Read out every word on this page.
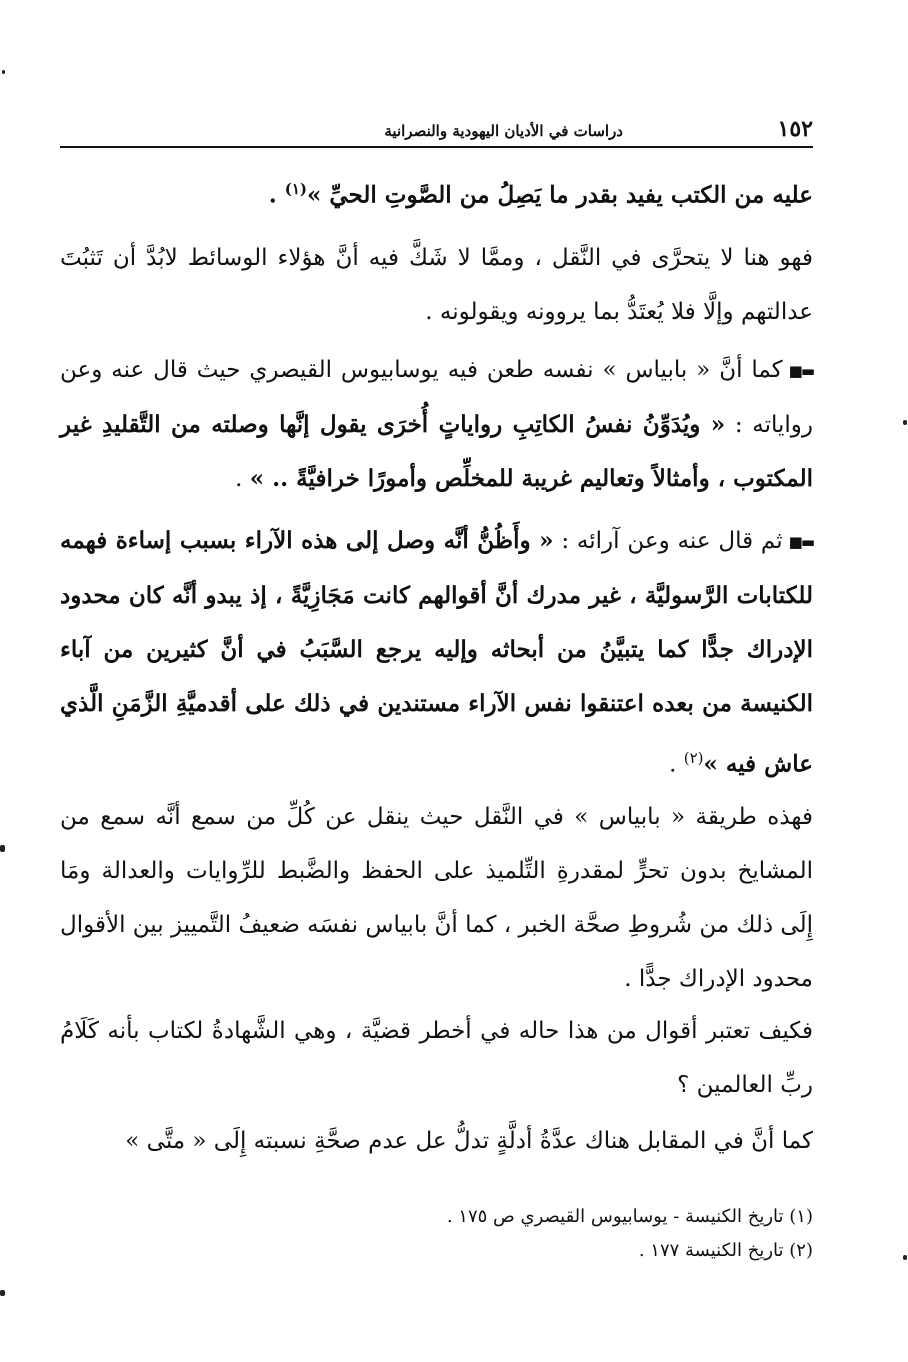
١٥٢
دراسات في الأديان اليهودية والنصرانية

عليه من الكتب يفيد بقدر ما يَصِلُ من الصَّوتِ الحيِّ »$^{(١)}$ .

فهو هنا لا يتحرَّى في النَّقل ، وممَّا لا شَكَّ فيه أنَّ هؤلاء الوسائط لابُدَّ أن تَثبُتَ عدالتهم وإلَّا فلا يُعتَدُّ بما يروونه ويقولونه .

▬■كما أنَّ « بابياس » نفسه طعن فيه يوسابيوس القيصري حيث قال عنه وعن رواياته : « ويُدَوِّنُ نفسُ الكاتِبِ رواياتٍ أُخرَى يقول إنَّها وصلته من التَّقليدِ غير المكتوب ، وأمثالاً وتعاليم غريبة للمخلِّص وأمورًا خرافيَّةً .. » .

▬■ثم قال عنه وعن آرائه : « وأَظُنُّ أنَّه وصل إلى هذه الآراء بسبب إساءة فهمه للكتابات الرَّسوليَّة ، غير مدرك أنَّ أقوالهم كانت مَجَازِيَّةً ، إذ يبدو أنَّه كان محدود الإدراك جدًّا كما يتبيَّنُ من أبحاثه وإليه يرجع السَّبَبُ في أنَّ كثيرين من آباء الكنيسة من بعده اعتنقوا نفس الآراء مستندين في ذلك على أقدميَّةِ الزَّمَنِ الَّذي عاش فيه »$^{(٢)}$ .

فهذه طريقة « بابياس » في النَّقل حيث ينقل عن كُلِّ من سمع أنَّه سمع من المشايخ بدون تحرٍّ لمقدرةِ التِّلميذ على الحفظ والضَّبط للرِّوايات والعدالة ومَا إِلَى ذلك من شُروطِ صحَّة الخبر ، كما أنَّ بابياس نفسَه ضعيفُ التَّمييز بين الأقوال محدود الإدراك جدًّا .

فكيف تعتبر أقوال من هذا حاله في أخطر قضيَّة ، وهي الشَّهادةُ لكتاب بأنه كَلَامُ ربِّ العالمين ؟

كما أنَّ في المقابل هناك عدَّةُ أدلَّةٍ تدلُّ عل عدم صحَّةِ نسبته إِلَى « متَّى »

(١) تاريخ الكنيسة - يوسابيوس القيصري ص ١٧٥ .

(٢) تاريخ الكنيسة ١٧٧ .
